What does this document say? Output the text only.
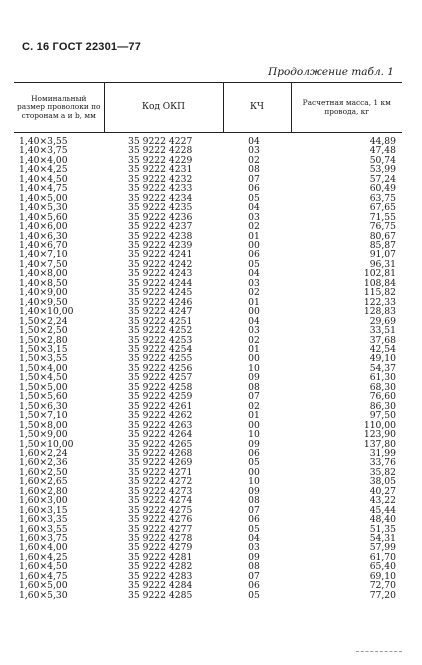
С. 16 ГОСТ 22301—77
Продолжение табл. 1
Номинальный размер проволоки по сторонам a и b, мм	Код ОКП	КЧ	Расчетная масса, 1 км провода, кг
1,40×3,55	35 9222 4227	04	44,89
1,40×3,75	35 9222 4228	03	47,48
1,40×4,00	35 9222 4229	02	50,74
1,40×4,25	35 9222 4231	08	53,99
1,40×4,50	35 9222 4232	07	57,24
1,40×4,75	35 9222 4233	06	60,49
1,40×5,00	35 9222 4234	05	63,75
1,40×5,30	35 9222 4235	04	67,65
1,40×5,60	35 9222 4236	03	71,55
1,40×6,00	35 9222 4237	02	76,75
1,40×6,30	35 9222 4238	01	80,67
1,40×6,70	35 9222 4239	00	85,87
1,40×7,10	35 9222 4241	06	91,07
1,40×7,50	35 9222 4242	05	96,31
1,40×8,00	35 9222 4243	04	102,81
1,40×8,50	35 9222 4244	03	108,84
1,40×9,00	35 9222 4245	02	115,82
1,40×9,50	35 9222 4246	01	122,33
1,40×10,00	35 9222 4247	00	128,83
1,50×2,24	35 9222 4251	04	29,69
1,50×2,50	35 9222 4252	03	33,51
1,50×2,80	35 9222 4253	02	37,68
1,50×3,15	35 9222 4254	01	42,54
1,50×3,55	35 9222 4255	00	49,10
1,50×4,00	35 9222 4256	10	54,37
1,50×4,50	35 9222 4257	09	61,30
1,50×5,00	35 9222 4258	08	68,30
1,50×5,60	35 9222 4259	07	76,60
1,50×6,30	35 9222 4261	02	86,30
1,50×7,10	35 9222 4262	01	97,50
1,50×8,00	35 9222 4263	00	110,00
1,50×9,00	35 9222 4264	10	123,90
1,50×10,00	35 9222 4265	09	137,80
1,60×2,24	35 9222 4268	06	31,99
1,60×2,36	35 9222 4269	05	33,76
1,60×2,50	35 9222 4271	00	35,82
1,60×2,65	35 9222 4272	10	38,05
1,60×2,80	35 9222 4273	09	40,27
1,60×3,00	35 9222 4274	08	43,22
1,60×3,15	35 9222 4275	07	45,44
1,60×3,35	35 9222 4276	06	48,40
1,60×3,55	35 9222 4277	05	51,35
1,60×3,75	35 9222 4278	04	54,31
1,60×4,00	35 9222 4279	03	57,99
1,60×4,25	35 9222 4281	09	61,70
1,60×4,50	35 9222 4282	08	65,40
1,60×4,75	35 9222 4283	07	69,10
1,60×5,00	35 9222 4284	06	72,70
1,60×5,30	35 9222 4285	05	77,20
